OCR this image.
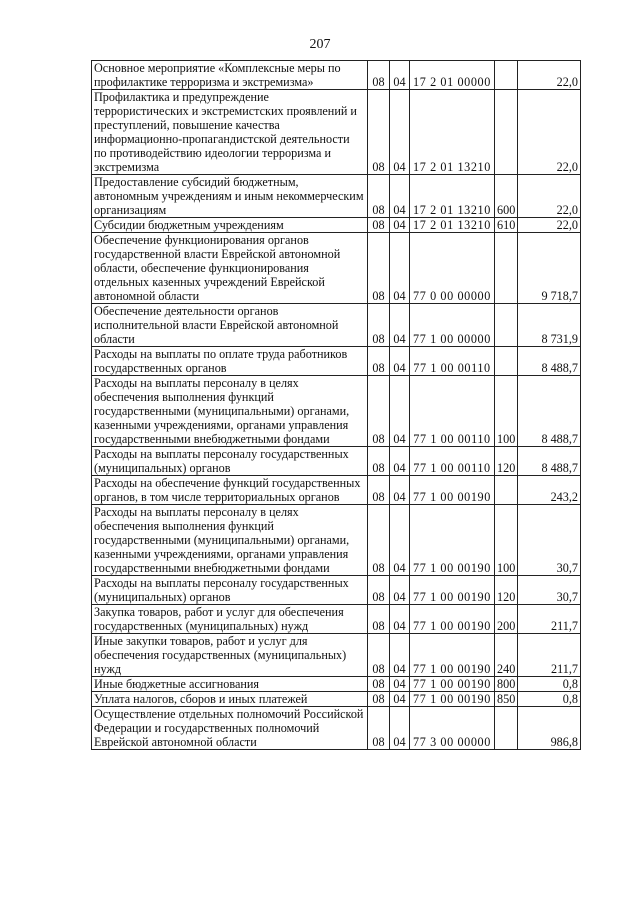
207
Основное мероприятие «Комплексные меры по профилактике терроризма и экстремизма»	08	04	17 2 01 00000		22,0
Профилактика и предупреждение террористических и экстремистских проявлений и преступлений, повышение качества информационно-пропагандистской деятельности по противодействию идеологии терроризма и экстремизма	08	04	17 2 01 13210		22,0
Предоставление субсидий бюджетным, автономным учреждениям и иным некоммерческим организациям	08	04	17 2 01 13210	600	22,0
Субсидии бюджетным учреждениям	08	04	17 2 01 13210	610	22,0
Обеспечение функционирования органов государственной власти Еврейской автономной области, обеспечение функционирования отдельных казенных учреждений Еврейской автономной области	08	04	77 0 00 00000		9 718,7
Обеспечение деятельности органов исполнительной власти Еврейской автономной области	08	04	77 1 00 00000		8 731,9
Расходы на выплаты по оплате труда работников государственных органов	08	04	77 1 00 00110		8 488,7
Расходы на выплаты персоналу в целях обеспечения выполнения функций государственными (муниципальными) органами, казенными учреждениями, органами управления государственными внебюджетными фондами	08	04	77 1 00 00110	100	8 488,7
Расходы на выплаты персоналу государственных (муниципальных) органов	08	04	77 1 00 00110	120	8 488,7
Расходы на обеспечение функций государственных органов, в том числе территориальных органов	08	04	77 1 00 00190		243,2
Расходы на выплаты персоналу в целях обеспечения выполнения функций государственными (муниципальными) органами, казенными учреждениями, органами управления государственными внебюджетными фондами	08	04	77 1 00 00190	100	30,7
Расходы на выплаты персоналу государственных (муниципальных) органов	08	04	77 1 00 00190	120	30,7
Закупка товаров, работ и услуг для обеспечения государственных (муниципальных) нужд	08	04	77 1 00 00190	200	211,7
Иные закупки товаров, работ и услуг для обеспечения государственных (муниципальных) нужд	08	04	77 1 00 00190	240	211,7
Иные бюджетные ассигнования	08	04	77 1 00 00190	800	0,8
Уплата налогов, сборов и иных платежей	08	04	77 1 00 00190	850	0,8
Осуществление отдельных полномочий Российской Федерации и государственных полномочий Еврейской автономной области	08	04	77 3 00 00000		986,8
